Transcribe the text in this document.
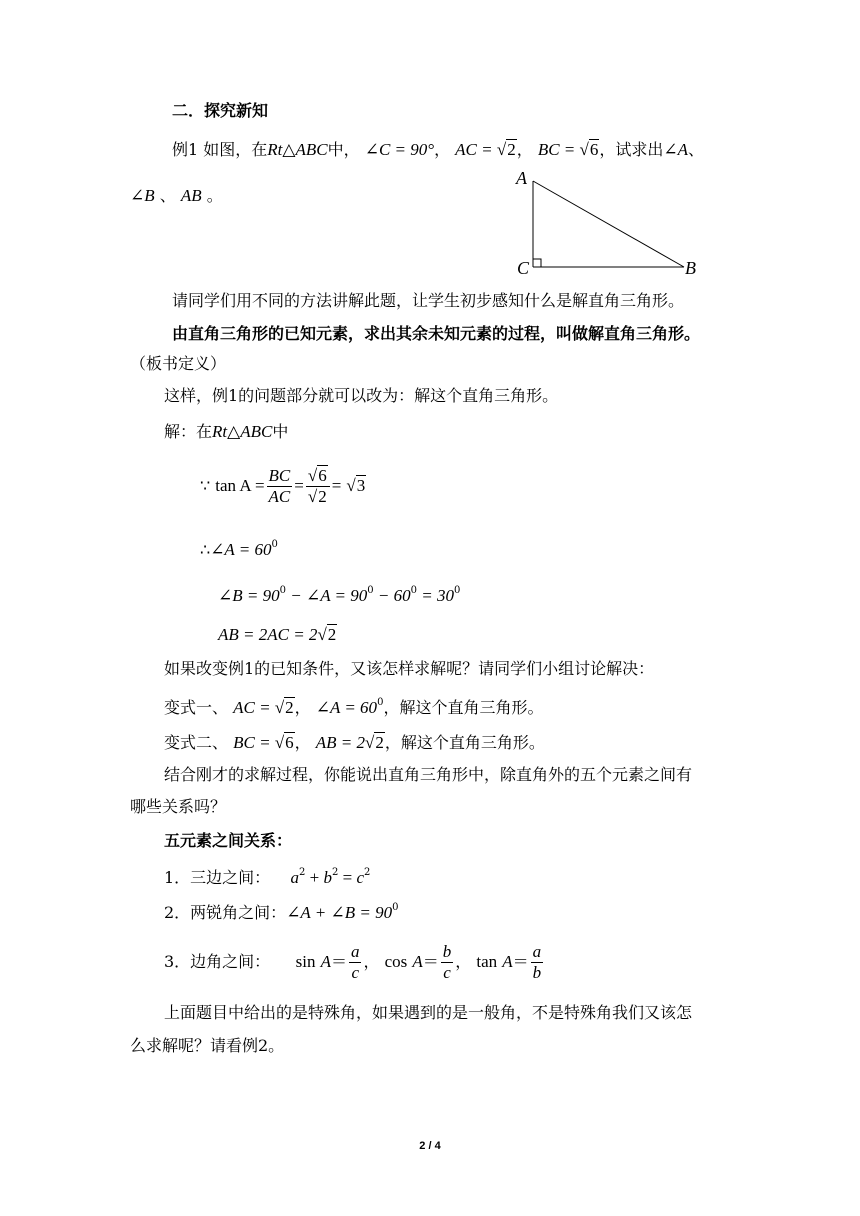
二．探究新知
例1 如图，在Rt△ABC中， ∠C = 90°， AC = √2， BC = √6，试求出∠A、
∠B 、 AB 。
A
C	B
请同学们用不同的方法讲解此题，让学生初步感知什么是解直角三角形。
由直角三角形的已知元素，求出其余未知元素的过程，叫做解直角三角形。
（板书定义）
这样，例1的问题部分就可以改为：解这个直角三角形。
解：在Rt△ABC中
∵ $\tan A = \frac{BC}{AC} = \frac{√6}{√2} = √3$
∴∠A = $60^0$
∠B = $90^0$ − ∠A = $90^0 - 60^0 = 30^0$
AB = 2AC = 2√2
如果改变例1的已知条件，又该怎样求解呢？请同学们小组讨论解决：
变式一、 AC = √2， ∠A = $60^0$，解这个直角三角形。
变式二、 BC = √6， AB = 2√2，解这个直角三角形。
结合刚才的求解过程，你能说出直角三角形中，除直角外的五个元素之间有
哪些关系吗？
五元素之间关系：
1．三边之间： $a^2 + b^2 = c^2$
2．两锐角之间：∠A + ∠B = $90^0$
3．边角之间： $\sin A= \frac{a}{c}$ ， $\cos A= \frac{b}{c}$ ， $\tan A= \frac{a}{b}$
上面题目中给出的是特殊角，如果遇到的是一般角，不是特殊角我们又该怎
么求解呢？请看例2。
2 / 4
